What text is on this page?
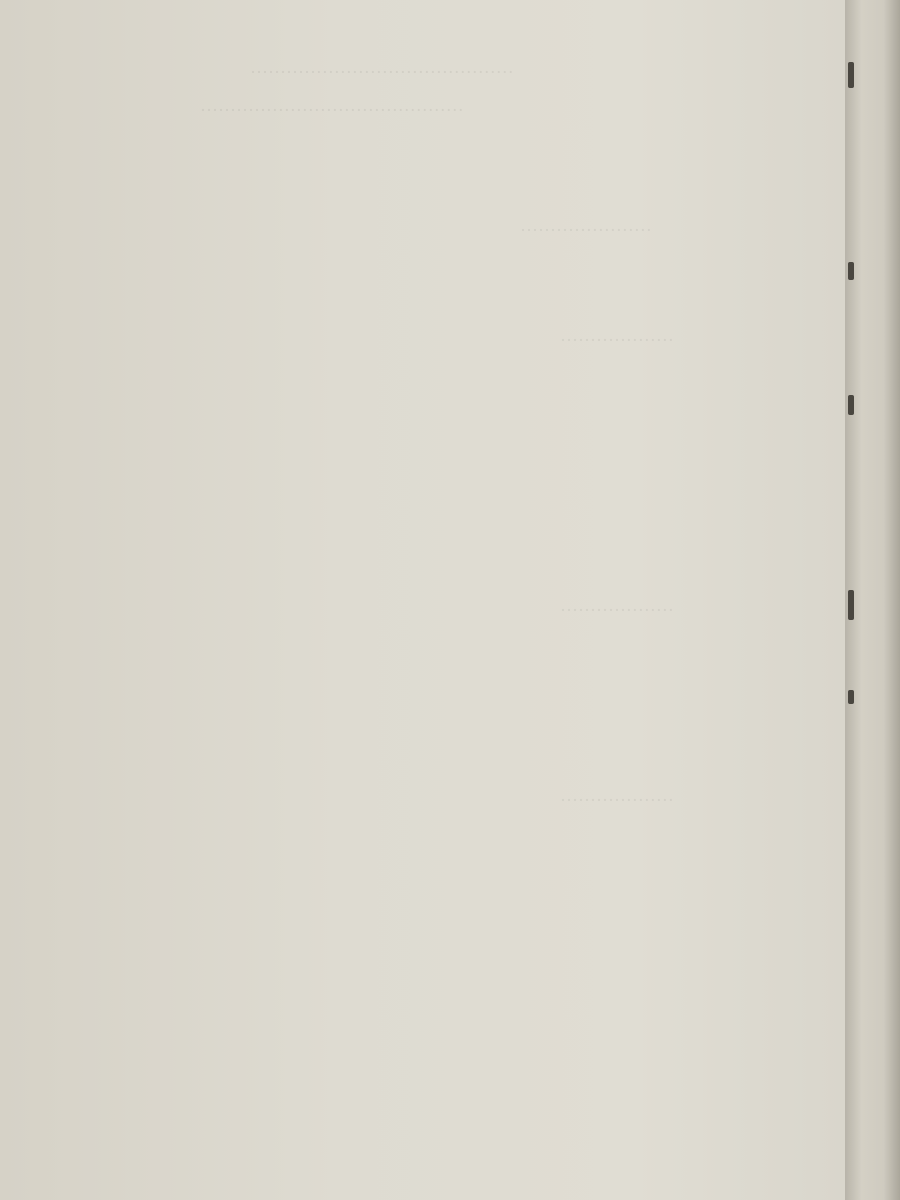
············································
············································
······················
···················
···················
···················
